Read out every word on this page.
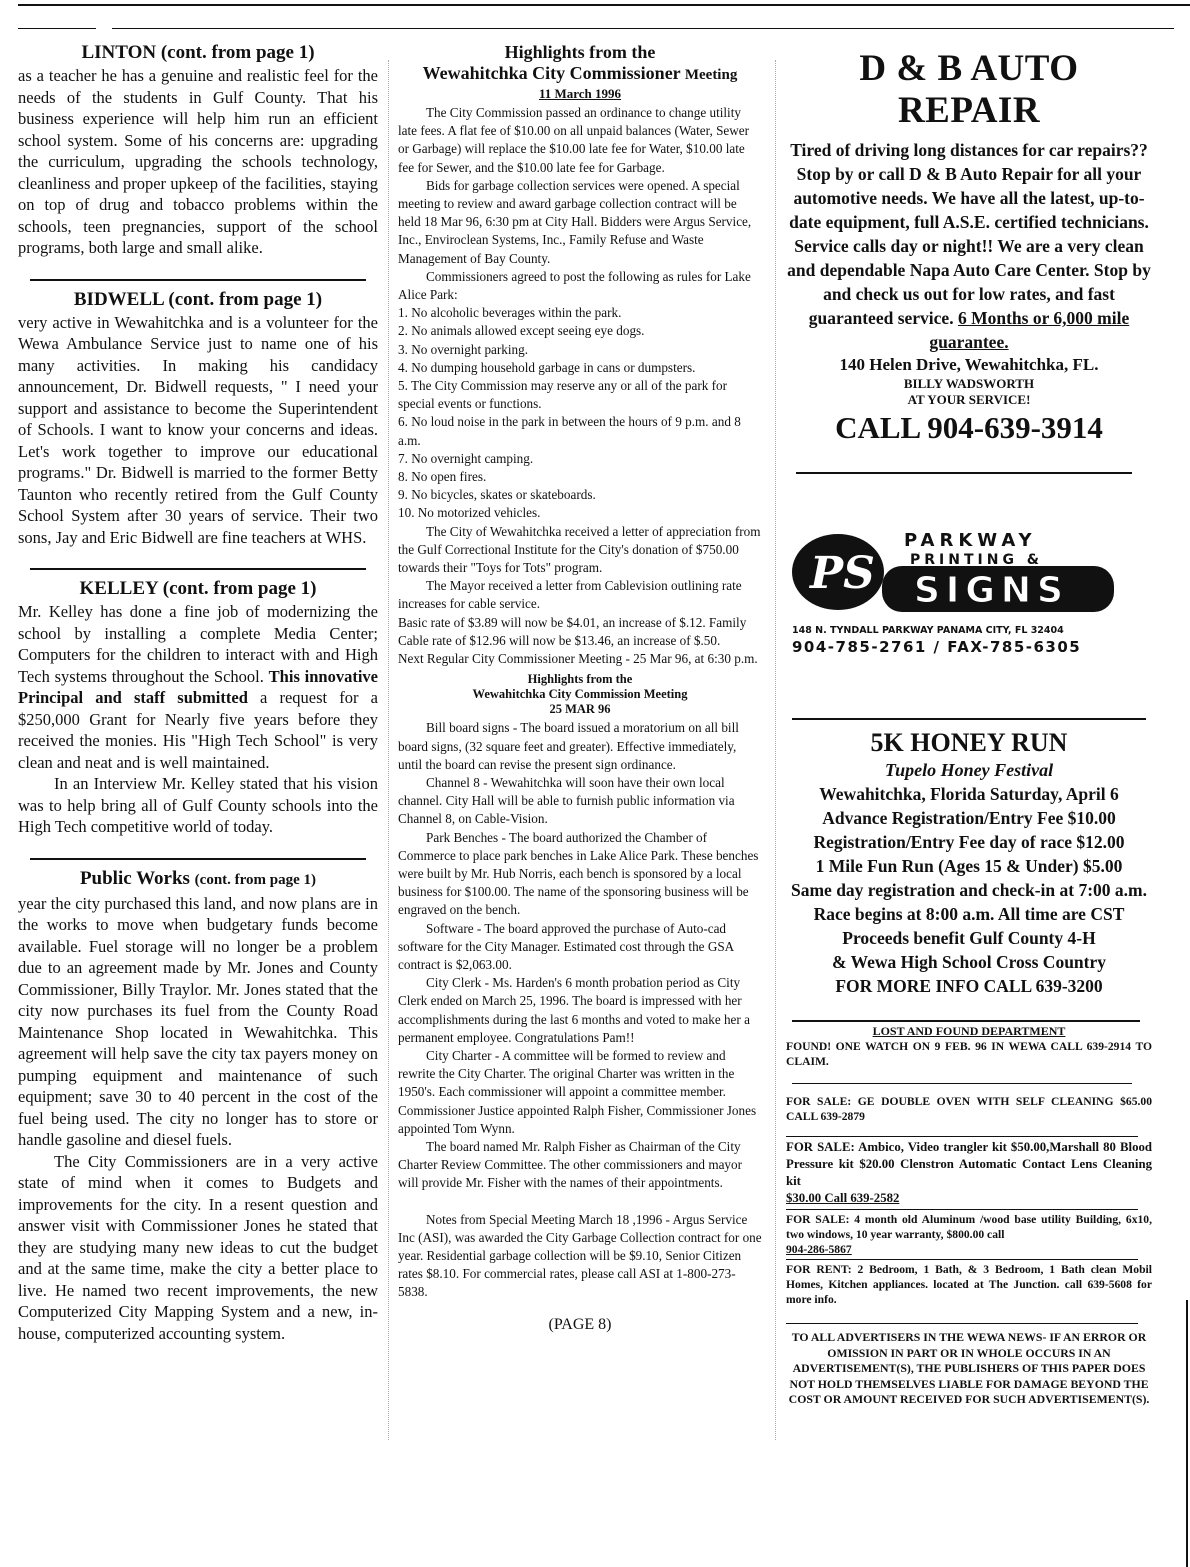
LINTON (cont. from page 1)
as a teacher he has a genuine and realistic feel for the needs of the students in Gulf County. That his business experience will help him run an efficient school system. Some of his concerns are: upgrading the curriculum, upgrading the schools technology, cleanliness and proper upkeep of the facilities, staying on top of drug and tobacco problems within the schools, teen pregnancies, support of the school programs, both large and small alike.
BIDWELL (cont. from page 1)
very active in Wewahitchka and is a volunteer for the Wewa Ambulance Service just to name one of his many activities. In making his candidacy announcement, Dr. Bidwell requests, " I need your support and assistance to become the Superintendent of Schools. I want to know your concerns and ideas. Let's work together to improve our educational programs." Dr. Bidwell is married to the former Betty Taunton who recently retired from the Gulf County School System after 30 years of service. Their two sons, Jay and Eric Bidwell are fine teachers at WHS.
KELLEY (cont. from page 1)

Mr. Kelley has done a fine job of modernizing the school by installing a complete Media Center; Computers for the children to interact with and High Tech systems throughout the School. This innovative Principal and staff submitted a request for a $250,000 Grant for Nearly five years before they received the monies. His "High Tech School" is very clean and neat and is well maintained.

In an Interview Mr. Kelley stated that his vision was to help bring all of Gulf County schools into the High Tech competitive world of today.

Public Works (cont. from page 1)

year the city purchased this land, and now plans are in the works to move when budgetary funds become available. Fuel storage will no longer be a problem due to an agreement made by Mr. Jones and County Commissioner, Billy Traylor. Mr. Jones stated that the city now purchases its fuel from the County Road Maintenance Shop located in Wewahitchka. This agreement will help save the city tax payers money on pumping equipment and maintenance of such equipment; save 30 to 40 percent in the cost of the fuel being used. The city no longer has to store or handle gasoline and diesel fuels.

The City Commissioners are in a very active state of mind when it comes to Budgets and improvements for the city. In a resent question and answer visit with Commissioner Jones he stated that they are studying many new ideas to cut the budget and at the same time, make the city a better place to live. He named two recent improvements, the new Computerized City Mapping System and a new, in-house, computerized accounting system.

Highlights from the
Wewahitchka City Commissioner Meeting
11 March 1996

The City Commission passed an ordinance to change utility late fees. A flat fee of $10.00 on all unpaid balances (Water, Sewer or Garbage) will replace the $10.00 late fee for Water, $10.00 late fee for Sewer, and the $10.00 late fee for Garbage.

Bids for garbage collection services were opened. A special meeting to review and award garbage collection contract will be held 18 Mar 96, 6:30 pm at City Hall. Bidders were Argus Service, Inc., Enviroclean Systems, Inc., Family Refuse and Waste Management of Bay County.

Commissioners agreed to post the following as rules for Lake Alice Park:

1. No alcoholic beverages within the park.

2. No animals allowed except seeing eye dogs.

3. No overnight parking.

4. No dumping household garbage in cans or dumpsters.

5. The City Commission may reserve any or all of the park for special events or functions.

6. No loud noise in the park in between the hours of 9 p.m. and 8 a.m.

7. No overnight camping.

8. No open fires.

9. No bicycles, skates or skateboards.

10. No motorized vehicles.

The City of Wewahitchka received a letter of appreciation from the Gulf Correctional Institute for the City's donation of $750.00 towards their "Toys for Tots" program.

The Mayor received a letter from Cablevision outlining rate increases for cable service.

Basic rate of $3.89 will now be $4.01, an increase of $.12. Family Cable rate of $12.96 will now be $13.46, an increase of $.50.

Next Regular City Commissioner Meeting - 25 Mar 96, at 6:30 p.m.

Highlights from the
Wewahitchka City Commission Meeting
25 MAR 96

Bill board signs - The board issued a moratorium on all bill board signs, (32 square feet and greater). Effective immediately, until the board can revise the present sign ordinance.

Channel 8 - Wewahitchka will soon have their own local channel. City Hall will be able to furnish public information via Channel 8, on Cable-Vision.

Park Benches - The board authorized the Chamber of Commerce to place park benches in Lake Alice Park. These benches were built by Mr. Hub Norris, each bench is sponsored by a local business for $100.00. The name of the sponsoring business will be engraved on the bench.

Software - The board approved the purchase of Auto-cad software for the City Manager. Estimated cost through the GSA contract is $2,063.00.

City Clerk - Ms. Harden's 6 month probation period as City Clerk ended on March 25, 1996. The board is impressed with her accomplishments during the last 6 months and voted to make her a permanent employee. Congratulations Pam!!

City Charter - A committee will be formed to review and rewrite the City Charter. The original Charter was written in the 1950's. Each commissioner will appoint a committee member. Commissioner Justice appointed Ralph Fisher, Commissioner Jones appointed Tom Wynn.

The board named Mr. Ralph Fisher as Chairman of the City Charter Review Committee. The other commissioners and mayor will provide Mr. Fisher with the names of their appointments.

Notes from Special Meeting March 18 ,1996 - Argus Service Inc (ASI), was awarded the City Garbage Collection contract for one year. Residential garbage collection will be $9.10, Senior Citizen rates $8.10. For commercial rates, please call ASI at 1-800-273-5838.

(PAGE 8)
D & B AUTO REPAIR
Tired of driving long distances for car repairs?? Stop by or call D & B Auto Repair for all your automotive needs. We have all the latest, up-to-date equipment, full A.S.E. certified technicians. Service calls day or night!! We are a very clean and dependable Napa Auto Care Center. Stop by and check us out for low rates, and fast guaranteed service. 6 Months or 6,000 mile guarantee.
140 Helen Drive, Wewahitchka, FL.
BILLY WADSWORTH
AT YOUR SERVICE!
CALL 904-639-3914
PS
PARKWAY
PRINTING &
SIGNS
148 N. TYNDALL PARKWAY PANAMA CITY, FL 32404
904-785-2761 / FAX-785-6305
5K HONEY RUN
Tupelo Honey Festival
Wewahitchka, Florida Saturday, April 6
Advance Registration/Entry Fee $10.00
Registration/Entry Fee day of race $12.00
1 Mile Fun Run (Ages 15 & Under) $5.00
Same day registration and check-in at 7:00 a.m.
Race begins at 8:00 a.m. All time are CST
Proceeds benefit Gulf County 4-H
& Wewa High School Cross Country
FOR MORE INFO CALL 639-3200
LOST AND FOUND DEPARTMENT
FOUND! ONE WATCH ON 9 FEB. 96 IN WEWA CALL 639-2914 TO CLAIM.
FOR SALE: GE DOUBLE OVEN WITH SELF CLEANING $65.00 CALL 639-2879
FOR SALE: Ambico, Video trangler kit $50.00,Marshall 80 Blood Pressure kit $20.00 Clenstron Automatic Contact Lens Cleaning kit
$30.00 Call 639-2582
FOR SALE: 4 month old Aluminum /wood base utility Building, 6x10, two windows, 10 year warranty, $800.00 call
904-286-5867
FOR RENT: 2 Bedroom, 1 Bath, & 3 Bedroom, 1 Bath clean Mobil Homes, Kitchen appliances. located at The Junction. call 639-5608 for more info.
TO ALL ADVERTISERS IN THE WEWA NEWS- IF AN ERROR OR OMISSION IN PART OR IN WHOLE OCCURS IN AN ADVERTISEMENT(S), THE PUBLISHERS OF THIS PAPER DOES NOT HOLD THEMSELVES LIABLE FOR DAMAGE BEYOND THE COST OR AMOUNT RECEIVED FOR SUCH ADVERTISEMENT(S).
